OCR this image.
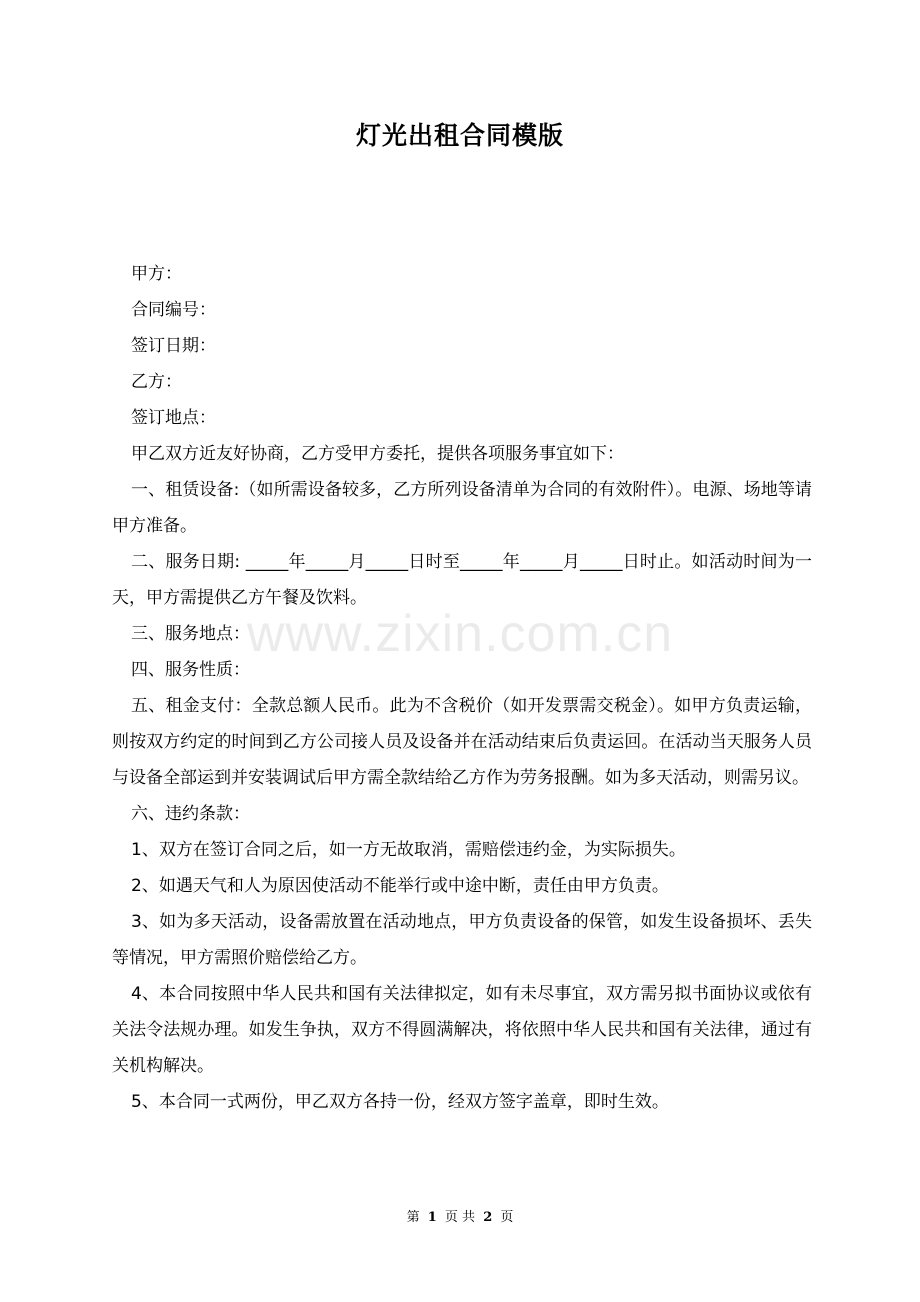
灯光出租合同模版

甲方：

合同编号：

签订日期：

乙方：

签订地点：

甲乙双方近友好协商，乙方受甲方委托，提供各项服务事宜如下：

一、租赁设备:（如所需设备较多，乙方所列设备清单为合同的有效附件）。电源、场地等请甲方准备。

二、服务日期: _____年_____月_____日时至_____年_____月_____日时止。如活动时间为一天，甲方需提供乙方午餐及饮料。

三、服务地点：

四、服务性质：

五、租金支付：全款总额人民币。此为不含税价（如开发票需交税金）。如甲方负责运输，则按双方约定的时间到乙方公司接人员及设备并在活动结束后负责运回。在活动当天服务人员与设备全部运到并安装调试后甲方需全款结给乙方作为劳务报酬。如为多天活动，则需另议。

六、违约条款：

1、双方在签订合同之后，如一方无故取消，需赔偿违约金，为实际损失。

2、如遇天气和人为原因使活动不能举行或中途中断，责任由甲方负责。

3、如为多天活动，设备需放置在活动地点，甲方负责设备的保管，如发生设备损坏、丢失等情况，甲方需照价赔偿给乙方。

4、本合同按照中华人民共和国有关法律拟定，如有未尽事宜，双方需另拟书面协议或依有关法令法规办理。如发生争执，双方不得圆满解决，将依照中华人民共和国有关法律，通过有关机构解决。

5、本合同一式两份，甲乙双方各持一份，经双方签字盖章，即时生效。

www.zixin.com.cn
第 1 页 共 2 页
